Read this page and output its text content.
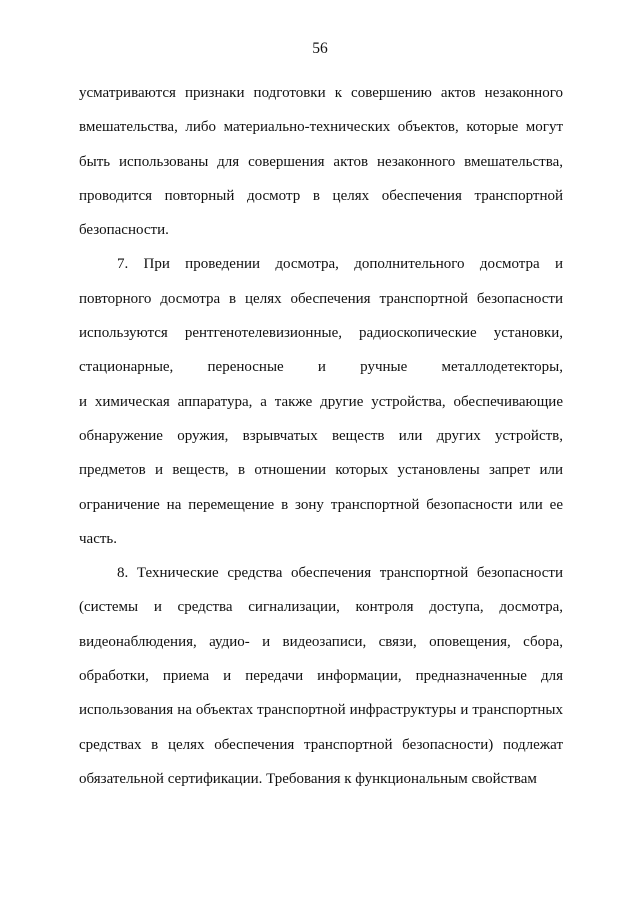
56
усматриваются признаки подготовки к совершению актов незаконного
вмешательства, либо материально-технических объектов, которые могут
быть использованы для совершения актов незаконного вмешательства,
проводится повторный досмотр в целях обеспечения транспортной
безопасности.
7. При проведении досмотра, дополнительного досмотра и
повторного досмотра в целях обеспечения транспортной безопасности
используются рентгенотелевизионные, радиоскопические установки,
стационарные, переносные и ручные металлодетекторы,
и химическая аппаратура, а также другие устройства, обеспечивающие
обнаружение оружия, взрывчатых веществ или других устройств,
предметов и веществ, в отношении которых установлены запрет или
ограничение на перемещение в зону транспортной безопасности или ее
часть.
8. Технические средства обеспечения транспортной безопасности
(системы и средства сигнализации, контроля доступа, досмотра,
видеонаблюдения, аудио- и видеозаписи, связи, оповещения, сбора,
обработки, приема и передачи информации, предназначенные для
использования на объектах транспортной инфраструктуры и транспортных
средствах в целях обеспечения транспортной безопасности) подлежат
обязательной сертификации. Требования к функциональным свойствам
